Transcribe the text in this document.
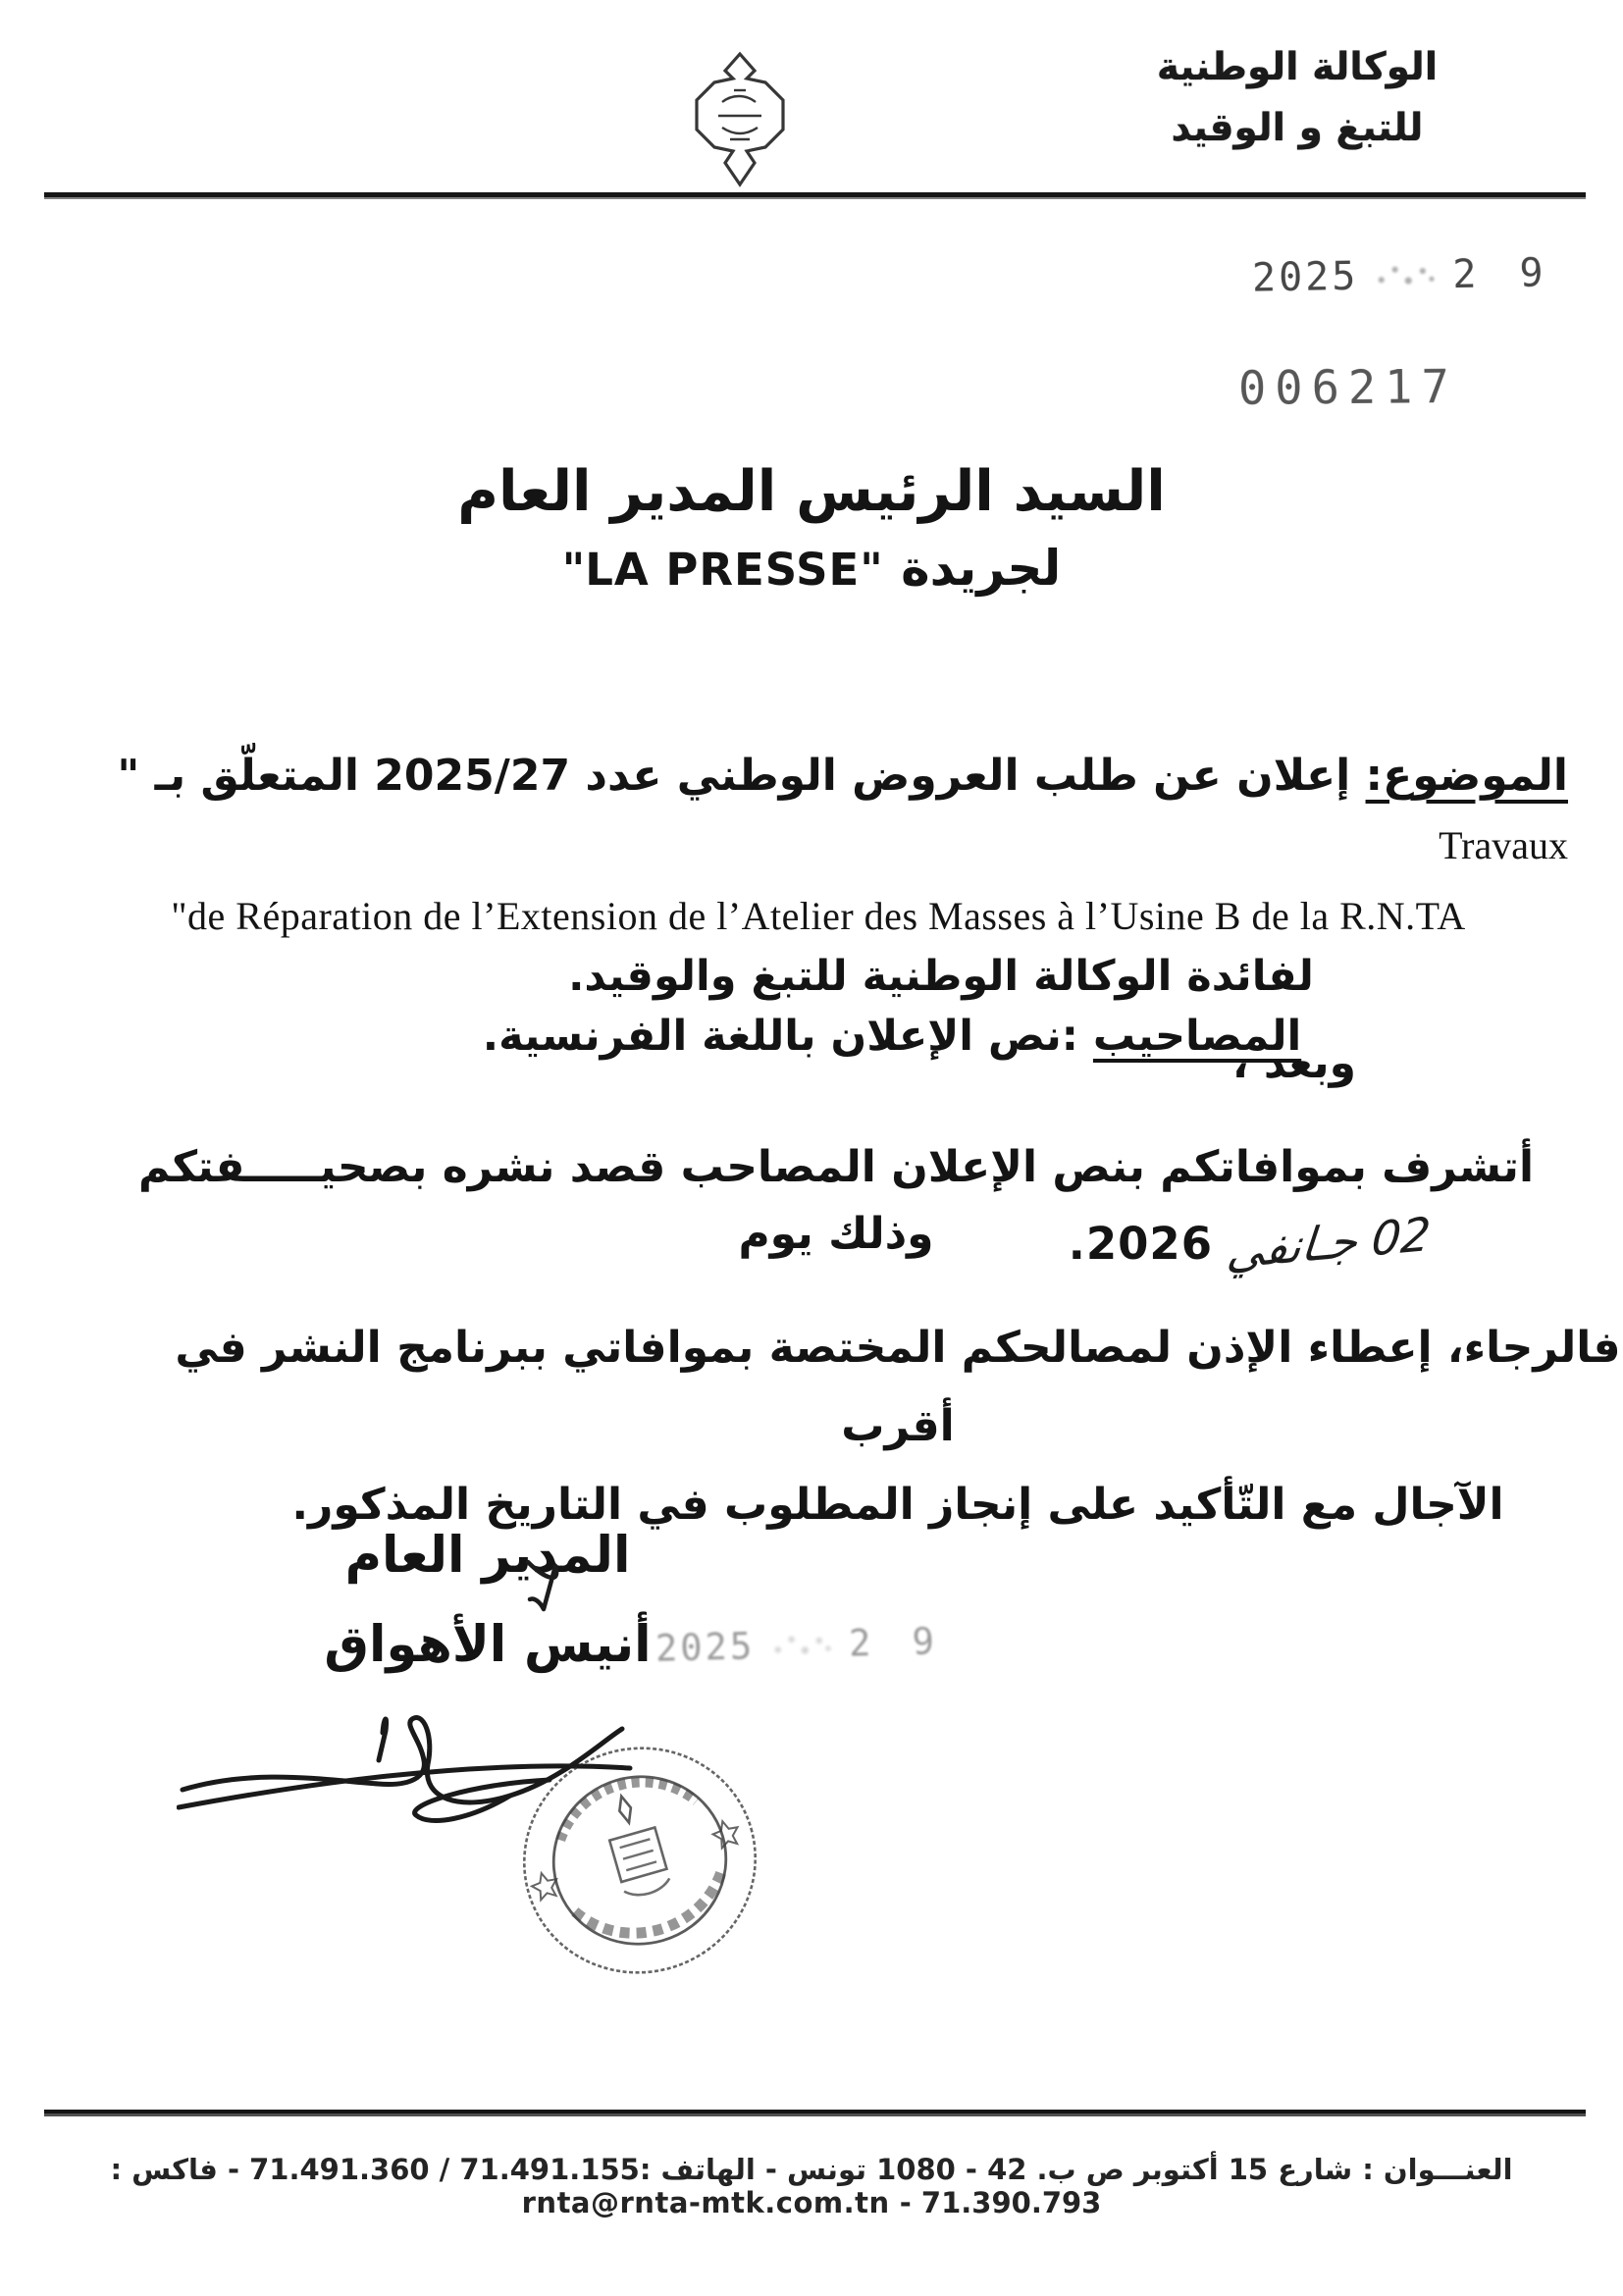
الوكالة الوطنية
للتبغ و الوقيد
2025 2 9
006217
السيد الرئيس المدير العام
لجريدة "LA PRESSE"
الموضوع: إعلان عن طلب العروض الوطني عدد 2025/27 المتعلّق بـ " Travaux
"de Réparation de l’Extension de l’Atelier des Masses à l’Usine B de la R.N.TA
لفائدة الوكالة الوطنية للتبغ والوقيد.
المصاحيب :نص الإعلان باللغة الفرنسية.
وبعد ،
أتشرف بموافاتكم بنص الإعلان المصاحب قصد نشره بصحيـــــفتكم وذلك يوم	02 جـانفي 2026.
فالرجاء، إعطاء الإذن لمصالحكم المختصة بموافاتي ببرنامج النشر في أقرب
الآجال مع التّأكيد على إنجاز المطلوب في التاريخ المذكور.
المدير العام
أنيس الأهواق 2025	2 9
العنـــوان : شارع 15 أكتوبر ص ب. 42 - 1080 تونس - الهاتف :71.491.155 / 71.491.360 - فاكس : 71.390.793 - rnta@rnta-mtk.com.tn
